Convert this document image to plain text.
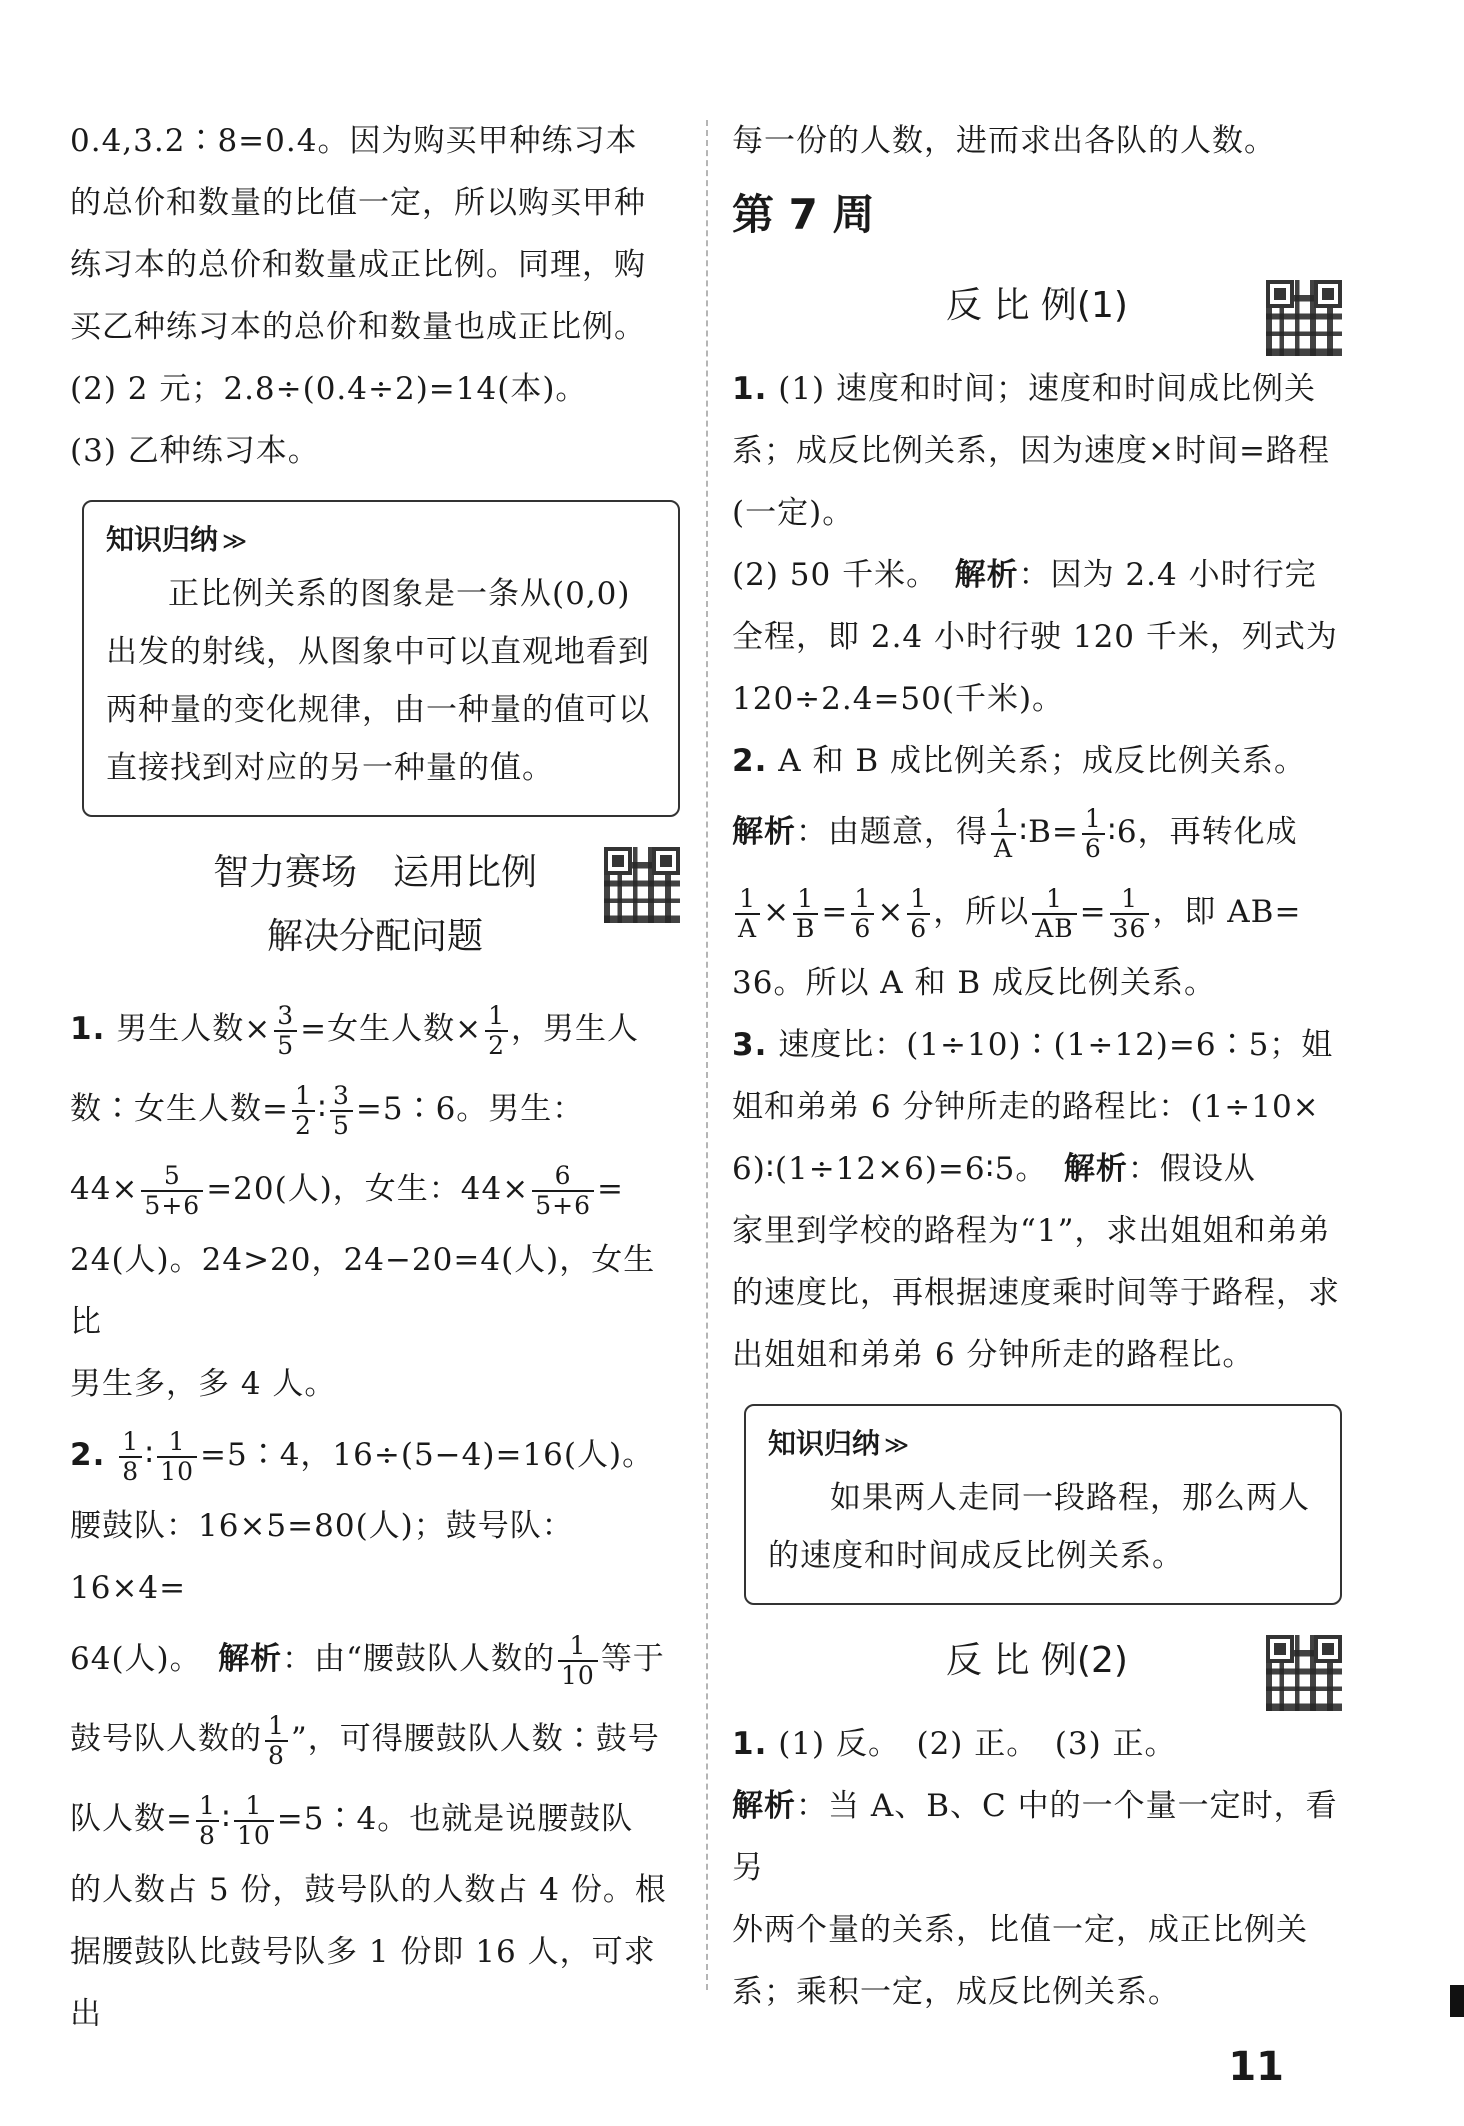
0.4,3.2∶8=0.4。因为购买甲种练习本

的总价和数量的比值一定，所以购买甲种

练习本的总价和数量成正比例。同理，购

买乙种练习本的总价和数量也成正比例。

(2) 2 元；2.8÷(0.4÷2)=14(本)。

(3) 乙种练习本。

知识归纳 ≫

正比例关系的图象是一条从(0,0)出发的射线，从图象中可以直观地看到两种量的变化规律，由一种量的值可以直接找到对应的另一种量的值。

智力赛场　运用比例
解决分配问题

1. 男生人数× $\frac{3}{5}$ =女生人数× $\frac{1}{2}$ ，男生人

数∶女生人数= $\frac{1}{2}$ ∶ $\frac{3}{5}$ =5∶6。男生：

$44\times \frac{5}{5+6} =20$(人)，女生：$44\times \frac{6}{5+6}$ =

24(人)。24>20，24−20=4(人)，女生比

男生多，多 4 人。

2. $\frac{1}{8}$ ∶ $\frac{1}{10}$ =5∶4，16÷(5−4)=16(人)。

腰鼓队：16×5=80(人)；鼓号队：16×4=

64(人)。　 解析：由“腰鼓队人数的 $\frac{1}{10}$ 等于

鼓号队人数的 $\frac{1}{8}$ ”，可得腰鼓队人数∶鼓号

队人数= $\frac{1}{8}$ ∶ $\frac{1}{10}$ =5∶4。也就是说腰鼓队

的人数占 5 份，鼓号队的人数占 4 份。根

据腰鼓队比鼓号队多 1 份即 16 人，可求出

每一份的人数，进而求出各队的人数。

第 7 周
反 比 例(1)

1. (1) 速度和时间；速度和时间成比例关

系；成反比例关系，因为速度×时间=路程

(一定)。

(2) 50 千米。　 解析：因为 2.4 小时行完

全程，即 2.4 小时行驶 120 千米，列式为

120÷2.4=50(千米)。

2. A 和 B 成比例关系；成反比例关系。

解析：由题意，得 $\frac{1}{A}$ ∶B= $\frac{1}{6}$ ∶6，再转化成

$\frac{1}{A} \times \frac{1}{B} = \frac{1}{6} \times \frac{1}{6}$ ，所以 $\frac{1}{AB} = \frac{1}{36}$ ，即 AB=

36。所以 A 和 B 成反比例关系。

3. 速度比：(1÷10)∶(1÷12)=6∶5；姐

姐和弟弟 6 分钟所走的路程比：(1÷10×

6)∶(1÷12×6)=6∶5。　 解析：假设从

家里到学校的路程为“1”，求出姐姐和弟弟

的速度比，再根据速度乘时间等于路程，求

出姐姐和弟弟 6 分钟所走的路程比。

知识归纳 ≫

如果两人走同一段路程，那么两人的速度和时间成反比例关系。

反 比 例(2)

1. (1) 反。　(2) 正。　(3) 正。

解析：当 A、B、C 中的一个量一定时，看另

外两个量的关系，比值一定，成正比例关

系；乘积一定，成反比例关系。

11
